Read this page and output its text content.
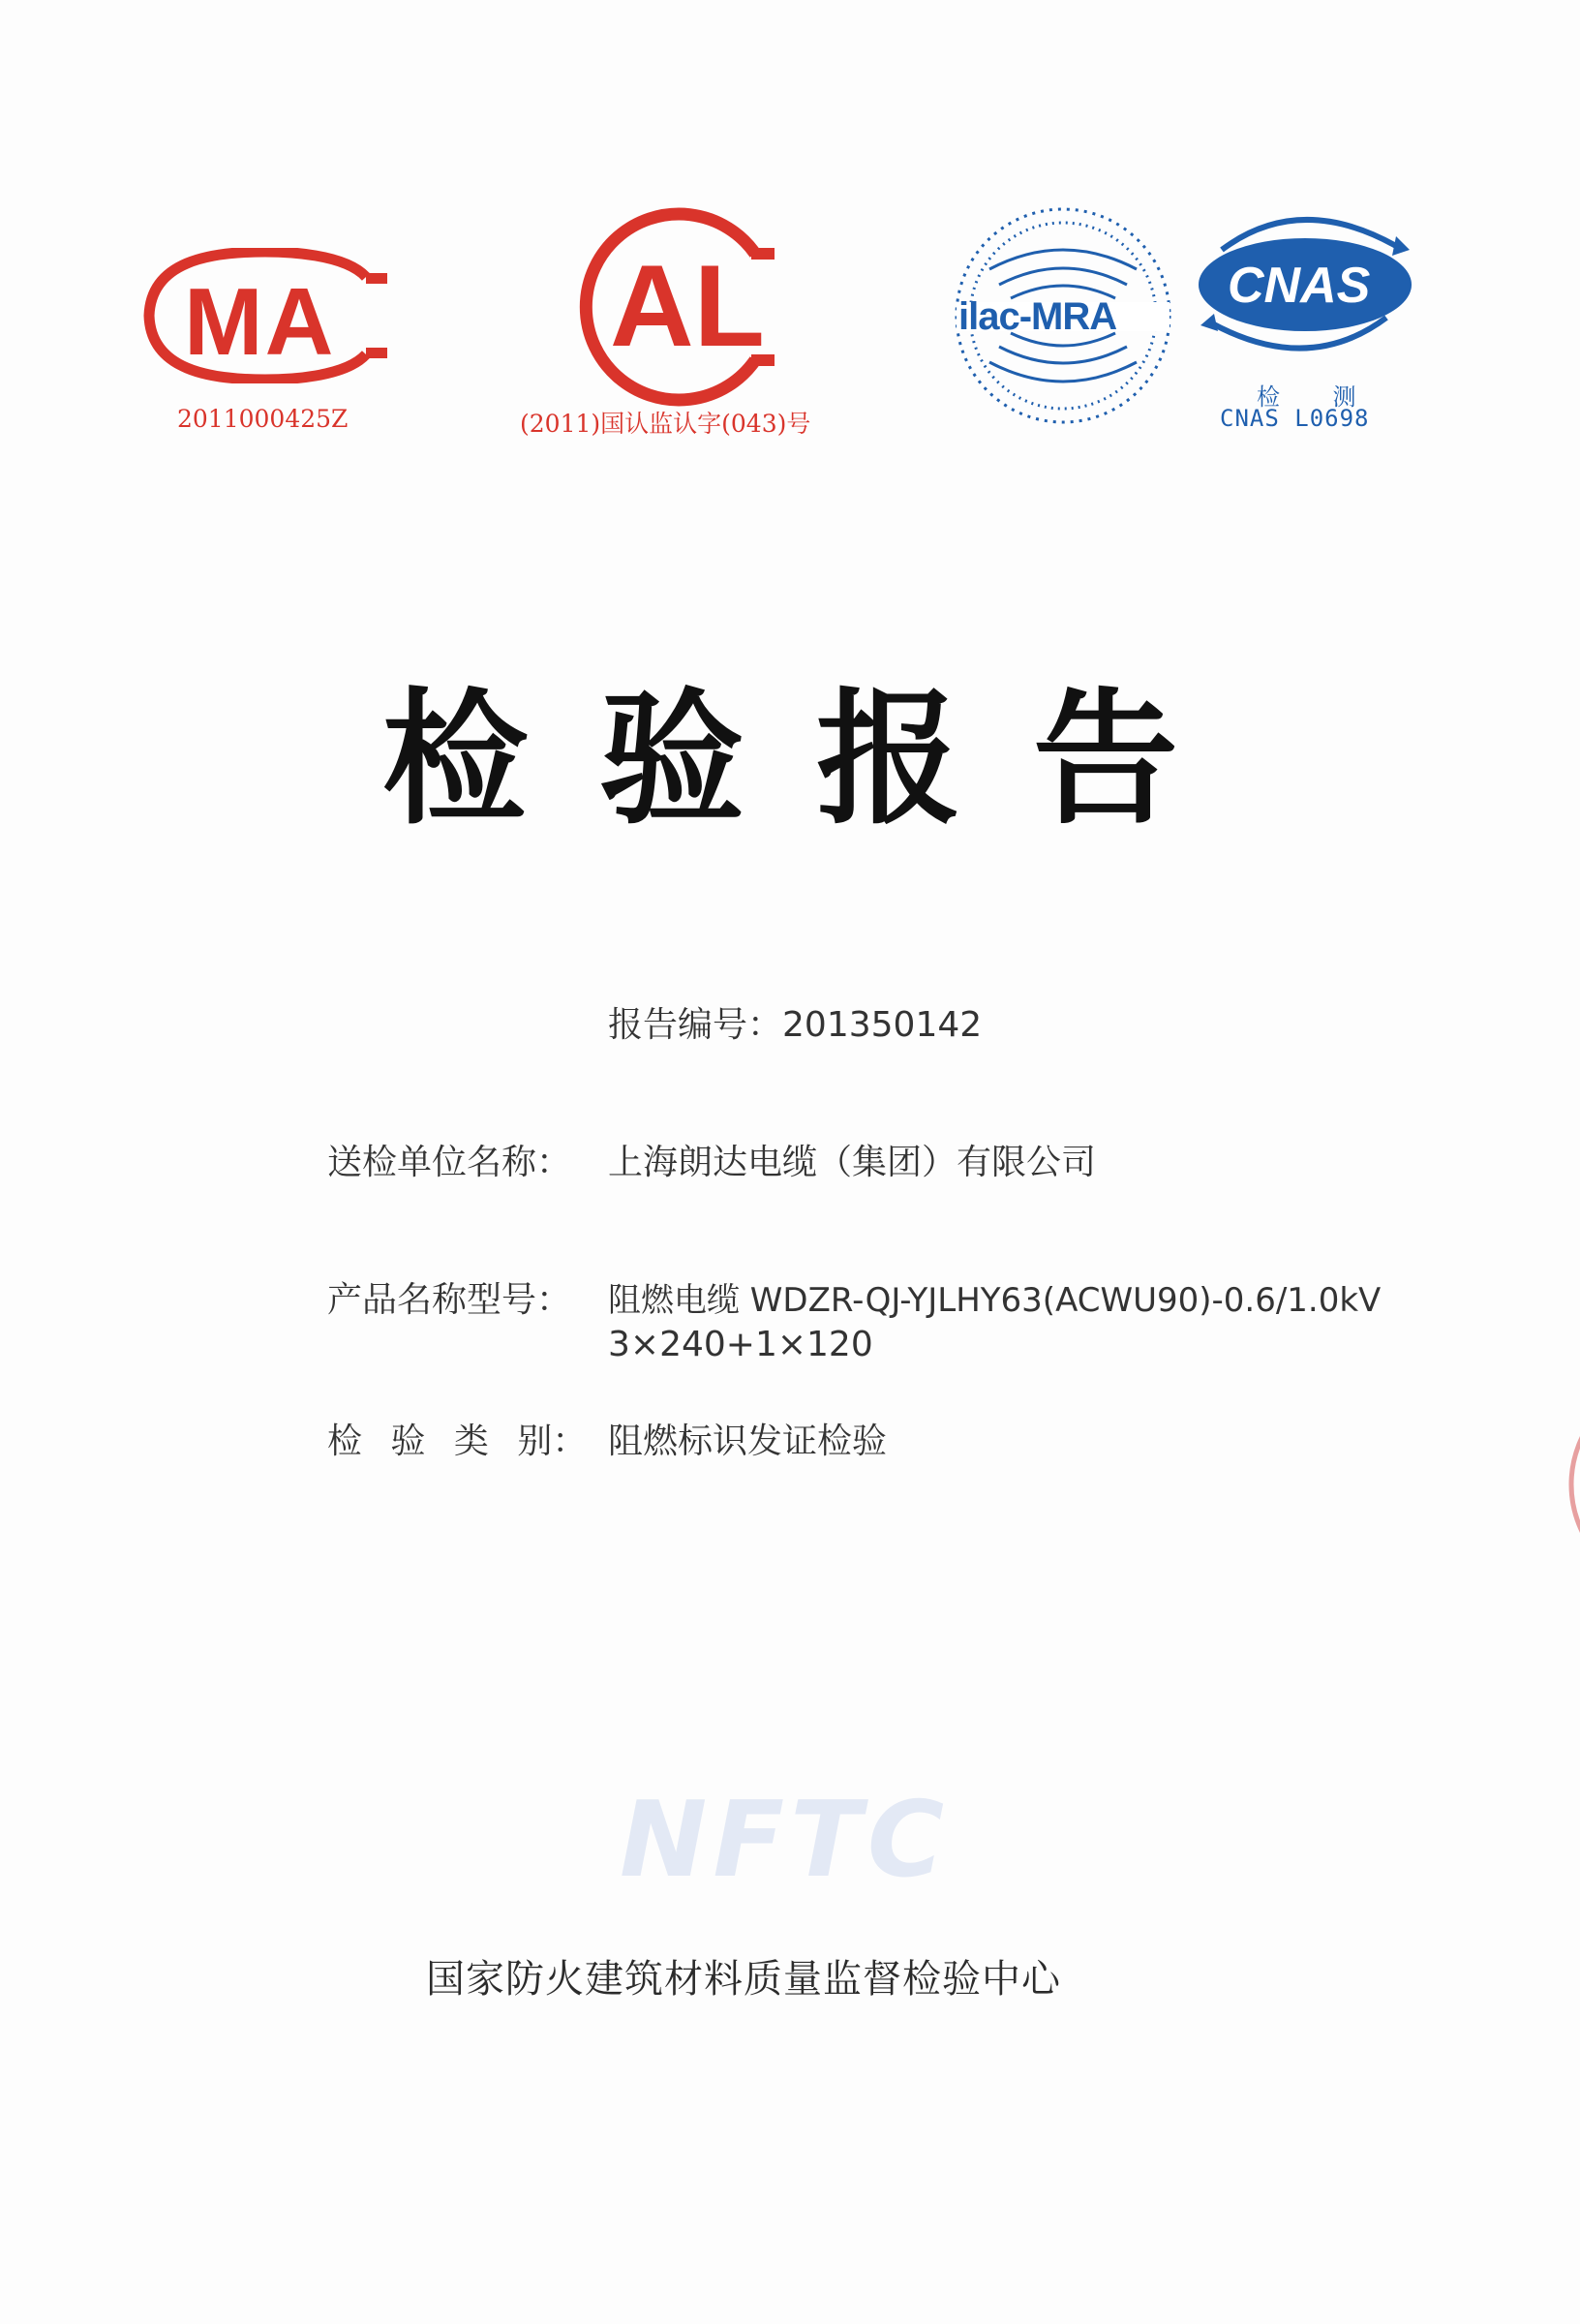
MA
2011000425Z
AL
(2011)国认监认字(043)号
ilac-MRA
CNAS
检 测
CNAS L0698
检验报告
报告编号：201350142
送检单位名称： 上海朗达电缆（集团）有限公司
产品名称型号： 阻燃电缆 WDZR-QJ-YJLHY63(ACWU90)-0.6/1.0kV
3×240+1×120
检 验 类 别： 阻燃标识发证检验
NFTC
国家防火建筑材料质量监督检验中心
